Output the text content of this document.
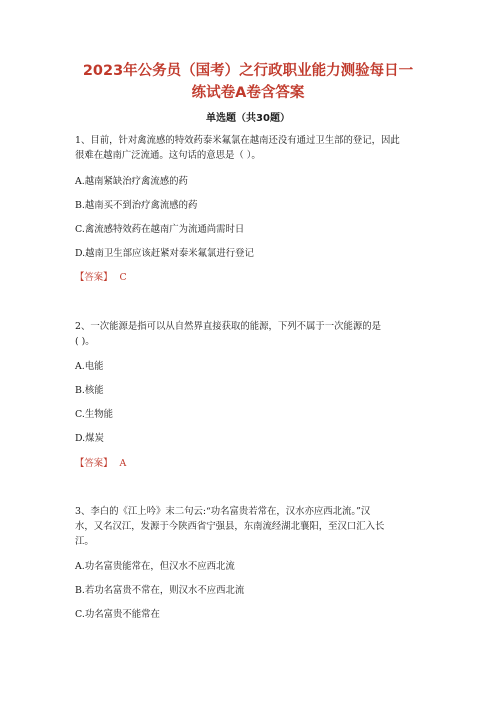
2023年公务员（国考）之行政职业能力测验每日一
练试卷A卷含答案
单选题（共30题）
1、目前，针对禽流感的特效药泰米氟氯在越南还没有通过卫生部的登记，因此
很难在越南广泛流通。这句话的意思是（ ）。
A.越南紧缺治疗禽流感的药
B.越南买不到治疗禽流感的药
C.禽流感特效药在越南广为流通尚需时日
D.越南卫生部应该赶紧对泰米氟氯进行登记
【答案】 C
2、一次能源是指可以从自然界直接获取的能源，下列不属于一次能源的是
( )。
A.电能
B.核能
C.生物能
D.煤炭
【答案】 A
3、李白的《江上吟》末二句云:“功名富贵若常在，汉水亦应西北流。”汉
水，又名汉江，发源于今陕西省宁强县，东南流经湖北襄阳，至汉口汇入长
江。
A.功名富贵能常在，但汉水不应西北流
B.若功名富贵不常在，则汉水不应西北流
C.功名富贵不能常在
